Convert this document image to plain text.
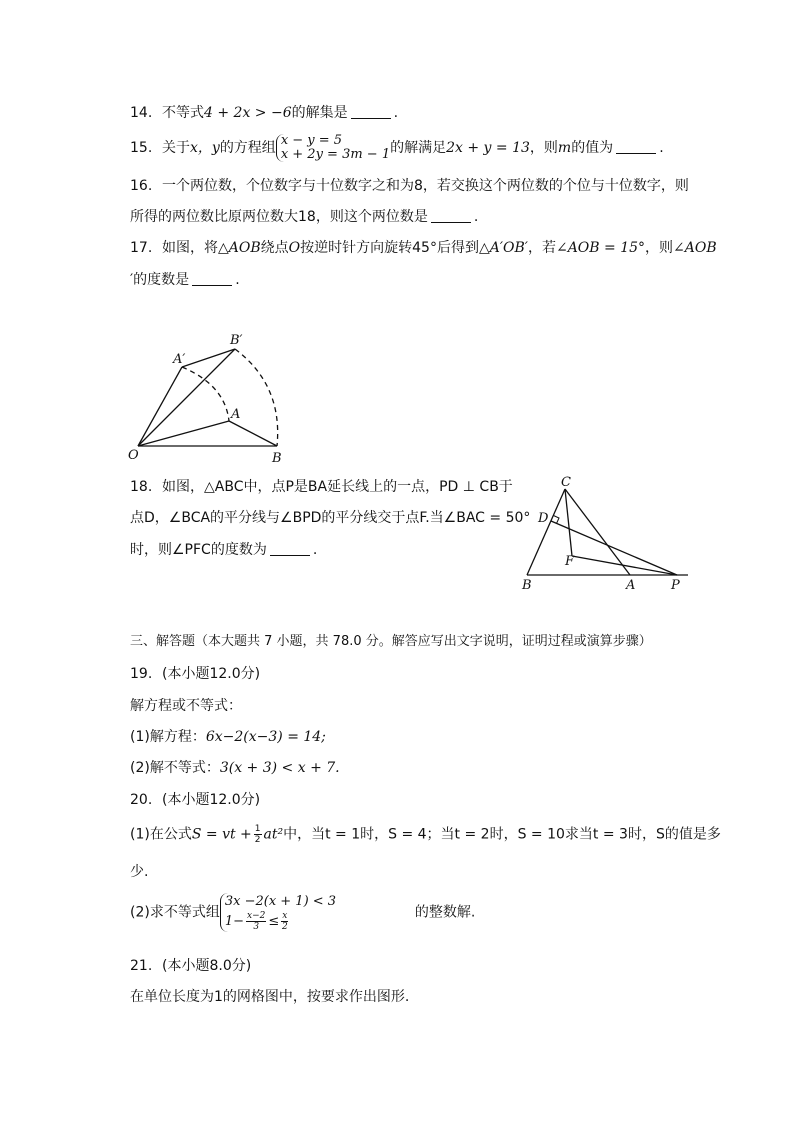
14. 不等式4 + 2x > −6的解集是	.
15. 关于x，y的方程组 x − y = 5
x + 2y = 3m − 1 的解满足2x + y = 13，则m的值为	.
16. 一个两位数，个位数字与十位数字之和为8，若交换这个两位数的个位与十位数字，则
所得的两位数比原两位数大18，则这个两位数是	.
17. 如图，将△AOB绕点O按逆时针方向旋转45°后得到△A′OB′，若∠AOB = 15°，则∠AOB
′的度数是	.
O
A
B
A′
B′
18. 如图，△ABC中，点P是BA延长线上的一点，PD ⊥ CB于
点D，∠BCA的平分线与∠BPD的平分线交于点F.当∠BAC = 50°
时，则∠PFC的度数为	.
C
D
F
B	A	P
三、解答题（本大题共 7 小题，共 78.0 分。解答应写出文字说明，证明过程或演算步骤）
19. (本小题12.0分)
解方程或不等式：
(1)解方程：6x−2(x−3) = 14;
(2)解不等式：3(x + 3) < x + 7.
20. (本小题12.0分)
(1)在公式S = vt + $\frac{1}{2} at^2$中，当t = 1时，S = 4；当t = 2时，S = 10求当t = 3时，S的值是多
少.
(2)求不等式组
3x −2(x + 1) < 3
$1- \frac{x-2}{3} \le \frac{x}{2}$	的整数解.
21. (本小题8.0分)
在单位长度为1的网格图中，按要求作出图形.
